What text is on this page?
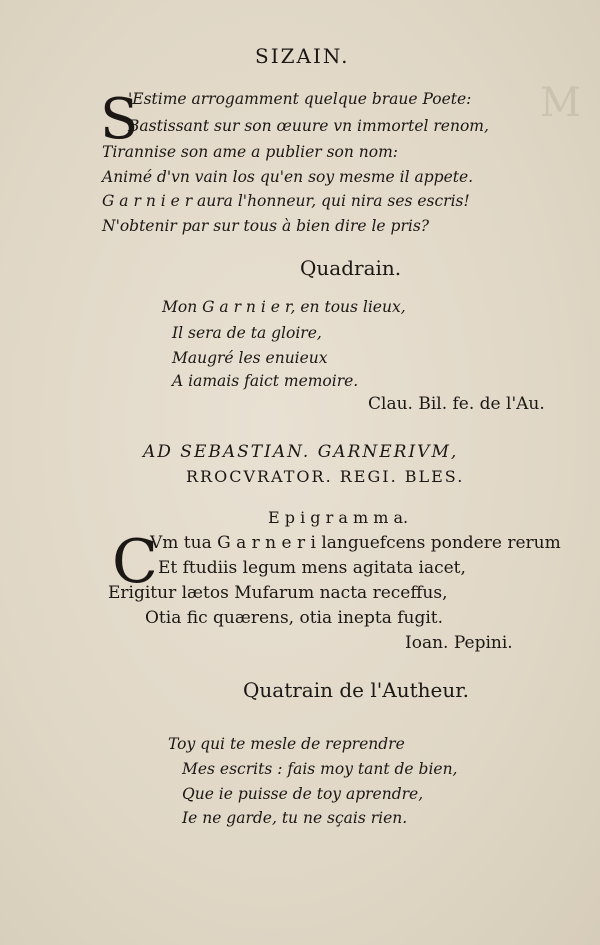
M
SIZAIN.
S
'Estime arrogamment quelque braue Poete:
Bastissant sur son œuure vn immortel renom,
Tirannise son ame a publier son nom:
Animé d'vn vain los qu'en soy mesme il appete.
G a r n i e r aura l'honneur, qui nira ses escris!
N'obtenir par sur tous à bien dire le pris?
Quadrain.
Mon G a r n i e r, en tous lieux,
Il sera de ta gloire,
Maugré les enuieux
A iamais faict memoire.
Clau. Bil. fe. de l'Au.
AD SEBASTIAN. GARNERIVM,
RROCVRATOR. REGI. BLES.
E p i g r a m m a.
C
Vm tua G a r n e r i languefcens pondere rerum
Et ftudiis legum mens agitata iacet,
Erigitur lætos Mufarum nacta receffus,
Otia fic quærens, otia inepta fugit.
Ioan. Pepini.
Quatrain de l'Autheur.
Toy qui te mesle de reprendre
Mes escrits : fais moy tant de bien,
Que ie puisse de toy aprendre,
Ie ne garde, tu ne sçais rien.
